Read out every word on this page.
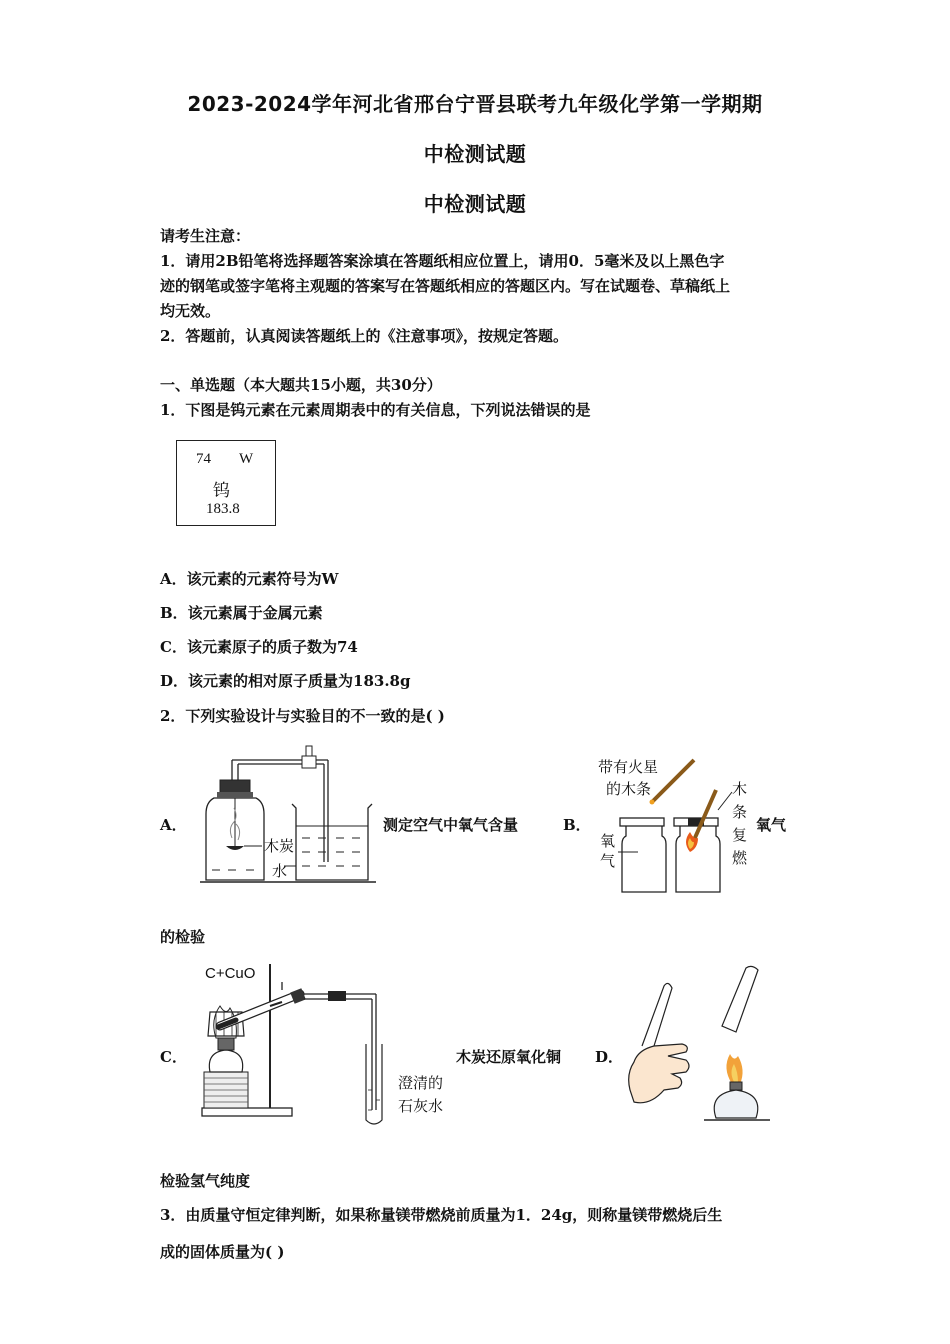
2023-2024学年河北省邢台宁晋县联考九年级化学第一学期期
中检测试题
中检测试题
请考生注意：
1．请用2B铅笔将选择题答案涂填在答题纸相应位置上，请用0．5毫米及以上黑色字
迹的钢笔或签字笔将主观题的答案写在答题纸相应的答题区内。写在试题卷、草稿纸上
均无效。
2．答题前，认真阅读答题纸上的《注意事项》，按规定答题。
一、单选题（本大题共15小题，共30分）
1．下图是钨元素在元素周期表中的有关信息，下列说法错误的是
74 W
钨
183.8
A．该元素的元素符号为W
B．该元素属于金属元素
C．该元素原子的质子数为74
D．该元素的相对原子质量为183.8g
2．下列实验设计与实验目的不一致的是( )
A．
木炭
水
测定空气中氧气含量	B．
带有火星
的木条
氧
气
木
条
复
燃
氧气
的检验
C．
C+CuO
澄清的
石灰水
木炭还原氧化铜 D．
检验氢气纯度
3．由质量守恒定律判断，如果称量镁带燃烧前质量为1．24g，则称量镁带燃烧后生
成的固体质量为( )
